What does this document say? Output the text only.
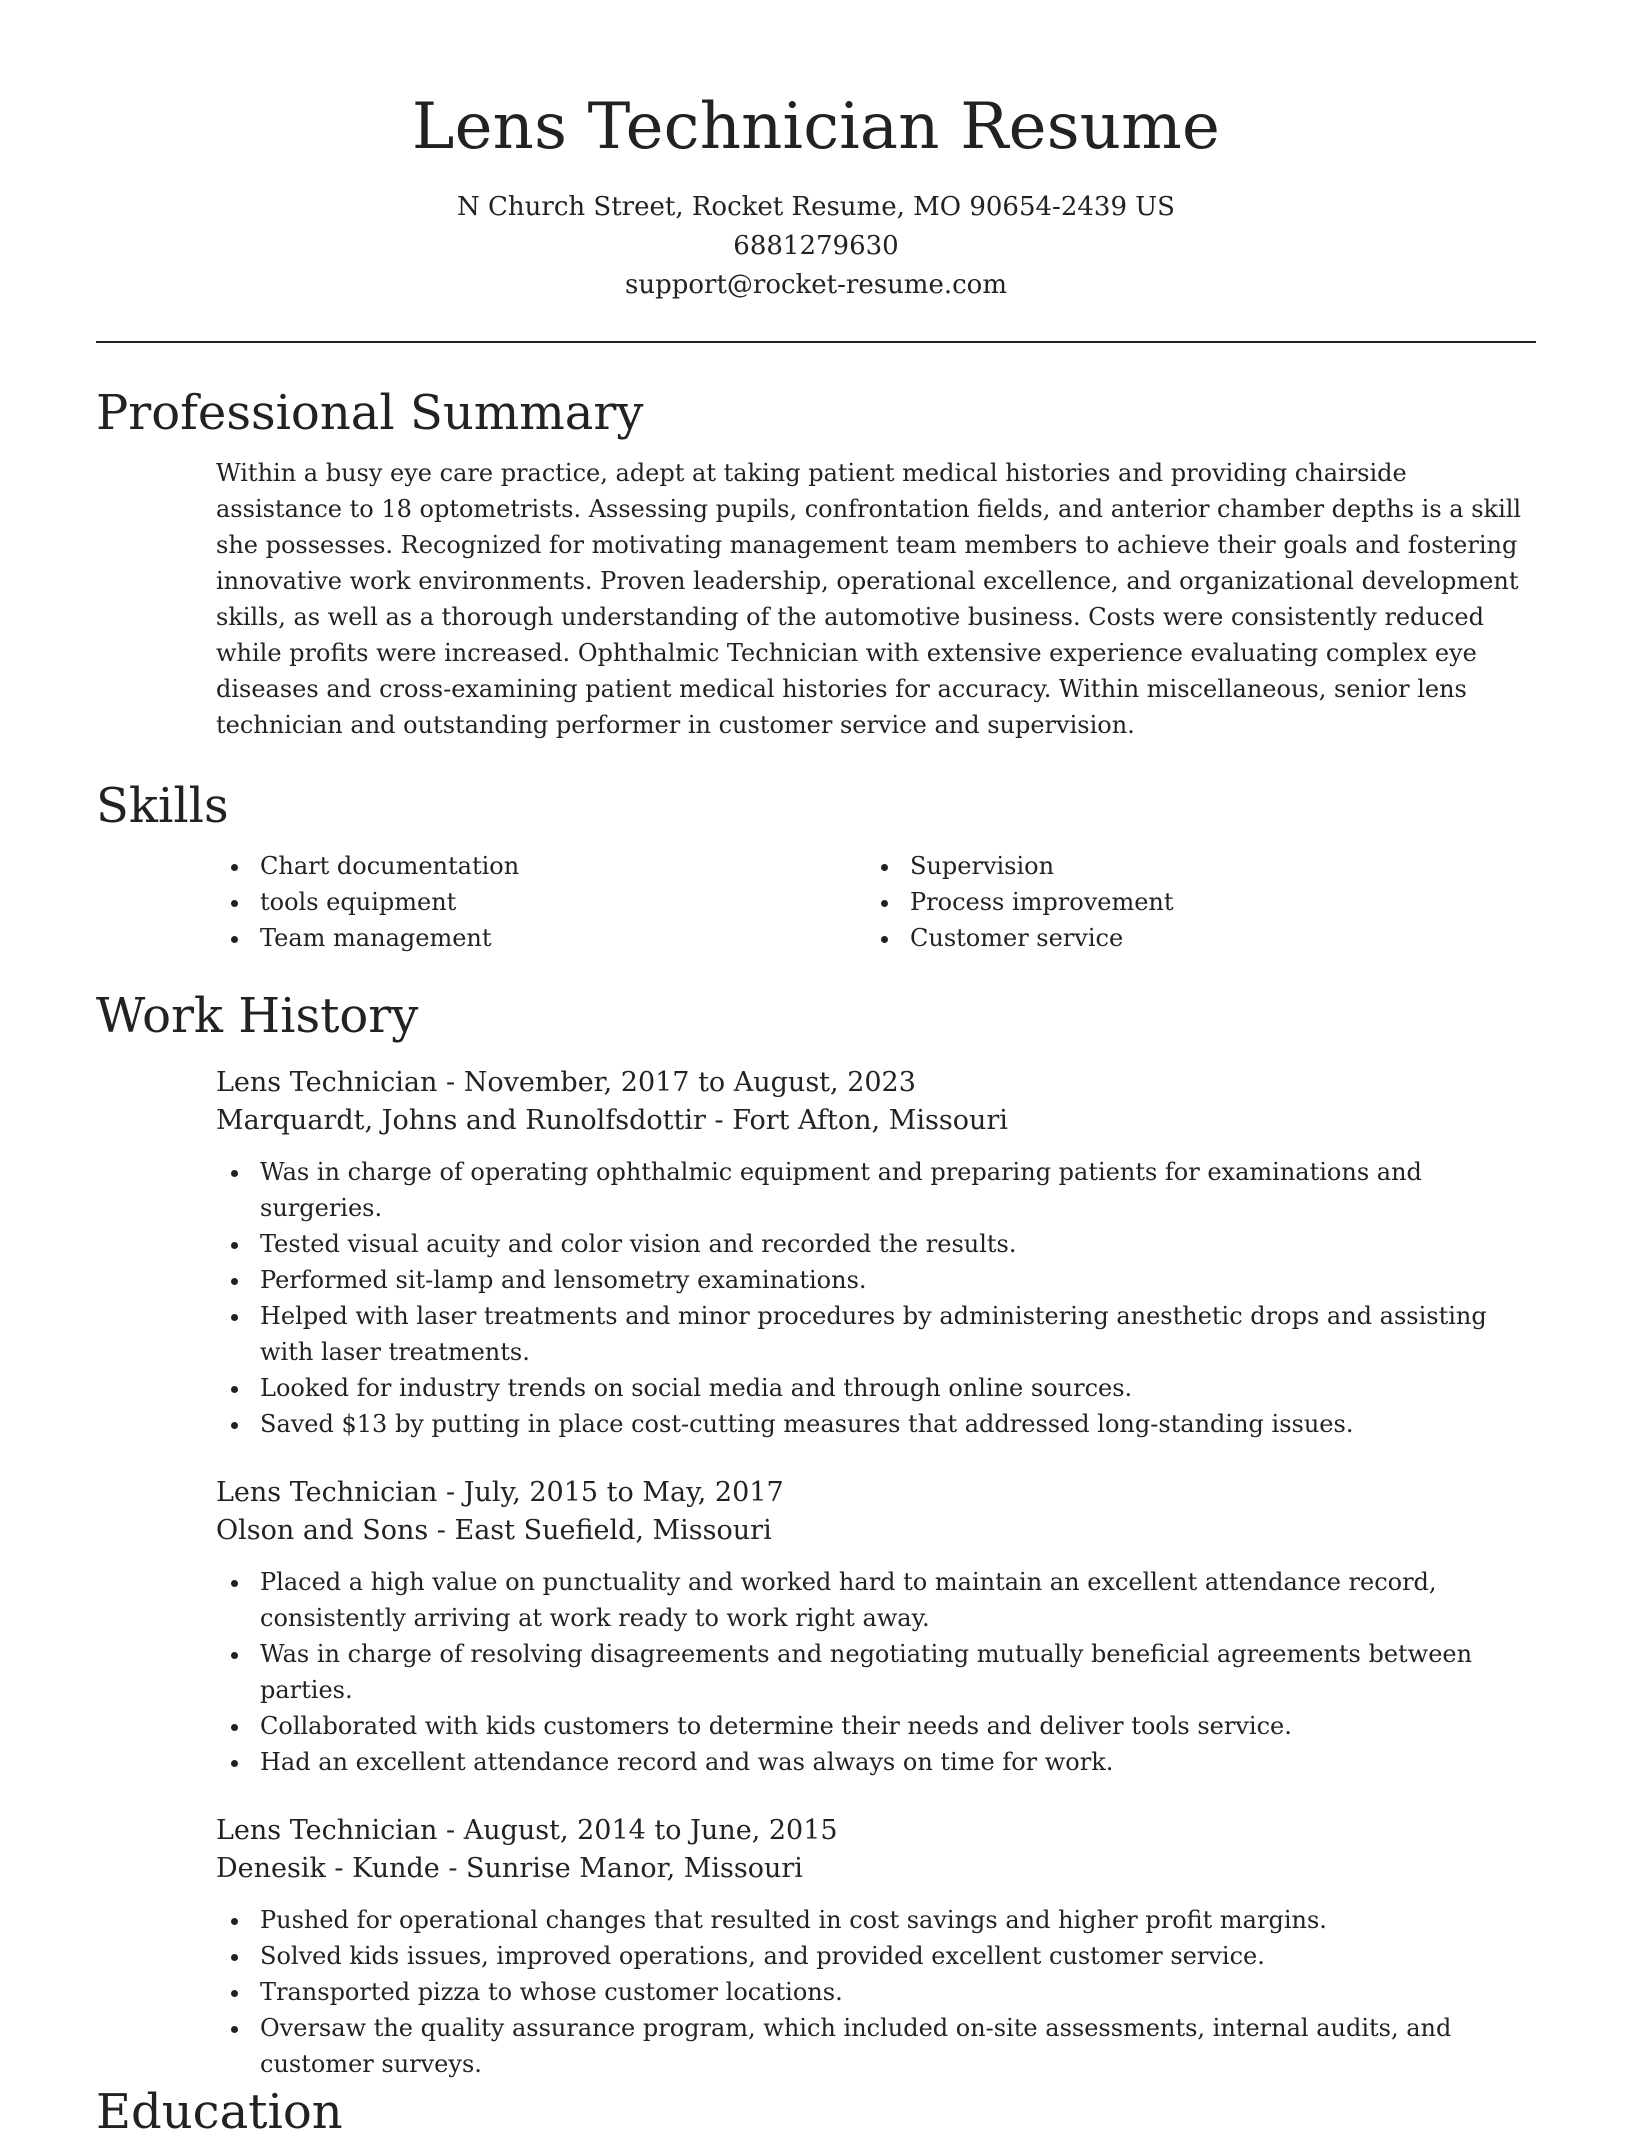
Lens Technician Resume
N Church Street, Rocket Resume, MO 90654-2439 US
6881279630
support@rocket-resume.com
Professional Summary
Within a busy eye care practice, adept at taking patient medical histories and providing chairside assistance to 18 optometrists. Assessing pupils, confrontation fields, and anterior chamber depths is a skill she possesses. Recognized for motivating management team members to achieve their goals and fostering innovative work environments. Proven leadership, operational excellence, and organizational development skills, as well as a thorough understanding of the automotive business. Costs were consistently reduced while profits were increased. Ophthalmic Technician with extensive experience evaluating complex eye diseases and cross-examining patient medical histories for accuracy. Within miscellaneous, senior lens technician and outstanding performer in customer service and supervision.
Skills
Chart documentation
tools equipment
Team management
Supervision
Process improvement
Customer service
Work History
Lens Technician - November, 2017 to August, 2023
Marquardt, Johns and Runolfsdottir - Fort Afton, Missouri
Was in charge of operating ophthalmic equipment and preparing patients for examinations and surgeries.
Tested visual acuity and color vision and recorded the results.
Performed sit-lamp and lensometry examinations.
Helped with laser treatments and minor procedures by administering anesthetic drops and assisting with laser treatments.
Looked for industry trends on social media and through online sources.
Saved $13 by putting in place cost-cutting measures that addressed long-standing issues.
Lens Technician - July, 2015 to May, 2017
Olson and Sons - East Suefield, Missouri
Placed a high value on punctuality and worked hard to maintain an excellent attendance record, consistently arriving at work ready to work right away.
Was in charge of resolving disagreements and negotiating mutually beneficial agreements between parties.
Collaborated with kids customers to determine their needs and deliver tools service.
Had an excellent attendance record and was always on time for work.
Lens Technician - August, 2014 to June, 2015
Denesik - Kunde - Sunrise Manor, Missouri
Pushed for operational changes that resulted in cost savings and higher profit margins.
Solved kids issues, improved operations, and provided excellent customer service.
Transported pizza to whose customer locations.
Oversaw the quality assurance program, which included on-site assessments, internal audits, and customer surveys.
Education
